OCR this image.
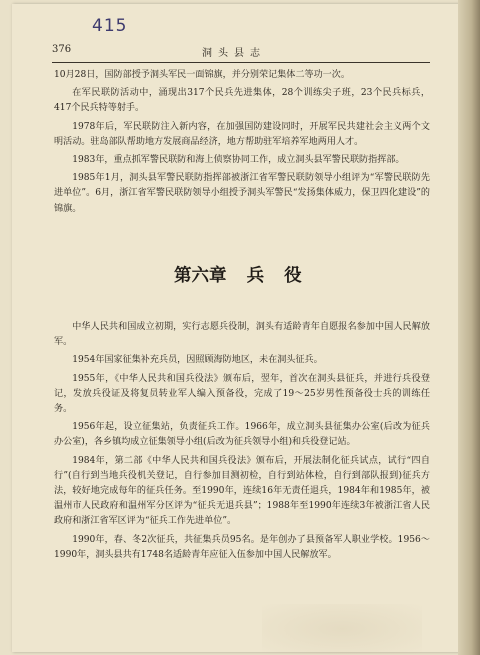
415
376	洞头县志

10月28日，国防部授予洞头军民一面锦旗，并分别荣记集体二等功一次。

在军民联防活动中，涌现出317个民兵先进集体，28个训练尖子班，23个民兵标兵，417个民兵特等射手。

1978年后，军民联防注入新内容，在加强国防建设同时，开展军民共建社会主义两个文明活动。驻岛部队帮助地方发展商品经济，地方帮助驻军培养军地两用人才。

1983年，重点抓军警民联防和海上侦察协同工作，成立洞头县军警民联防指挥部。

1985年1月，洞头县军警民联防指挥部被浙江省军警民联防领导小组评为“军警民联防先进单位”。6月，浙江省军警民联防领导小组授予洞头军警民“发扬集体威力，保卫四化建设”的锦旗。

第六章 兵 役

中华人民共和国成立初期，实行志愿兵役制，洞头有适龄青年自愿报名参加中国人民解放军。

1954年国家征集补充兵员，因照顾海防地区，未在洞头征兵。

1955年，《中华人民共和国兵役法》颁布后，翌年，首次在洞头县征兵，并进行兵役登记，发放兵役证及将复员转业军人编入预备役，完成了19～25岁男性预备役士兵的训练任务。

1956年起，设立征集站，负责征兵工作。1966年，成立洞头县征集办公室(后改为征兵办公室)，各乡镇均成立征集领导小组(后改为征兵领导小组)和兵役登记站。

1984年，第二部《中华人民共和国兵役法》颁布后，开展法制化征兵试点，试行“四自行”(自行到当地兵役机关登记，自行参加目测初检，自行到站体检，自行到部队报到)征兵方法，较好地完成每年的征兵任务。至1990年，连续16年无责任退兵，1984年和1985年，被温州市人民政府和温州军分区评为“征兵无退兵县”；1988年至1990年连续3年被浙江省人民政府和浙江省军区评为“征兵工作先进单位”。

1990年，春、冬2次征兵，共征集兵员95名。是年创办了县预备军人职业学校。1956～1990年，洞头县共有1748名适龄青年应征入伍参加中国人民解放军。
